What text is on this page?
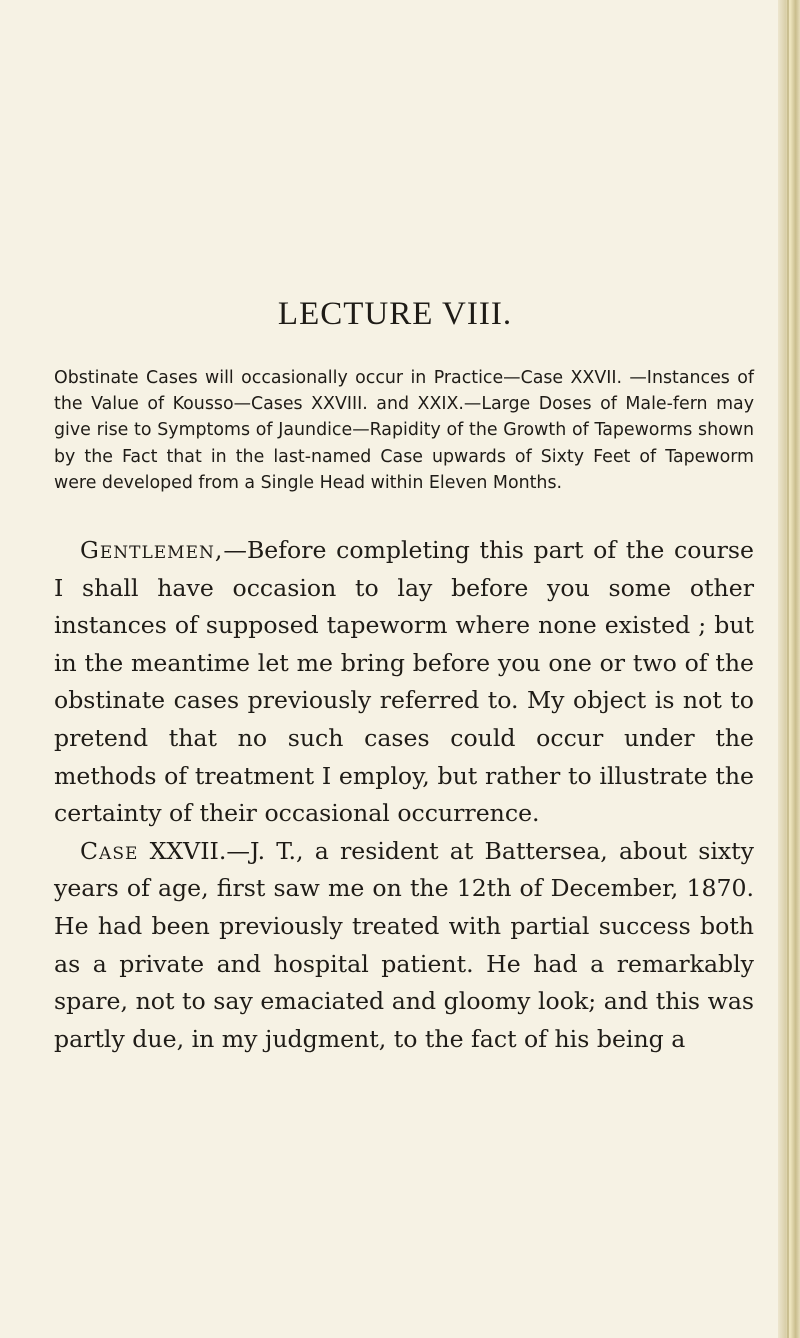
LECTURE VIII.

Obstinate Cases will occasionally occur in Practice—Case XXVII. —Instances of the Value of Kousso—Cases XXVIII. and XXIX.—Large Doses of Male-fern may give rise to Symptoms of Jaundice—Rapidity of the Growth of Tapeworms shown by the Fact that in the last-named Case upwards of Sixty Feet of Tapeworm were developed from a Single Head within Eleven Months.

Gentlemen,—Before completing this part of the course I shall have occasion to lay before you some other instances of supposed tapeworm where none existed ; but in the meantime let me bring before you one or two of the obstinate cases previously referred to. My object is not to pretend that no such cases could occur under the methods of treatment I employ, but rather to illustrate the certainty of their occasional occurrence.

Case XXVII.—J. T., a resident at Battersea, about sixty years of age, first saw me on the 12th of December, 1870. He had been previously treated with partial success both as a private and hospital patient. He had a remarkably spare, not to say emaciated and gloomy look; and this was partly due, in my judgment, to the fact of his being a
